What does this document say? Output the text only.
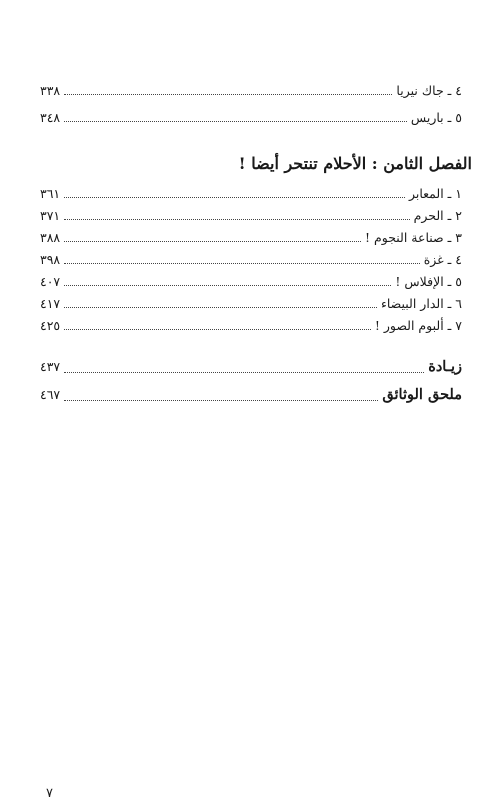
٤ ـ جاك نيريا
٣٣٨
٥ ـ باريس
٣٤٨
الفصل الثامن : الأحلام تنتحر أيضا !
١ ـ المعابر
٣٦١
٢ ـ الحرم
٣٧١
٣ ـ صناعة النجوم !
٣٨٨
٤ ـ غزة
٣٩٨
٥ ـ الإفلاس !
٤٠٧
٦ ـ الدار البيضاء
٤١٧
٧ ـ ألبوم الصور !
٤٢٥
زيـادة
٤٣٧
ملحق الوثائق
٤٦٧
٧
